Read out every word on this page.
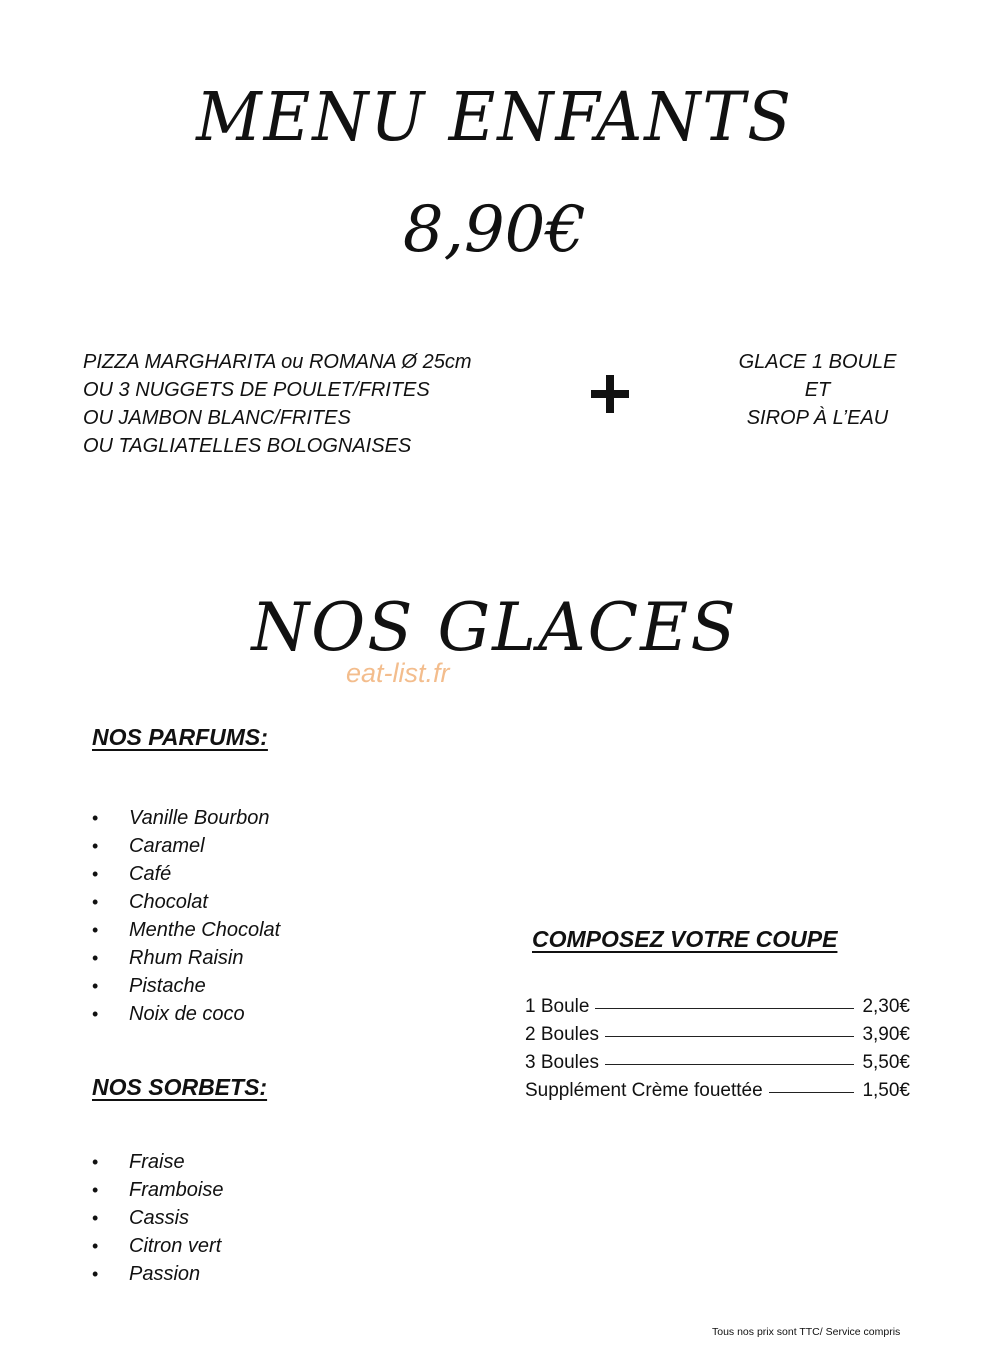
MENU ENFANTS
8,90€
PIZZA MARGHARITA ou ROMANA Ø 25cm
OU 3 NUGGETS DE POULET/FRITES
OU JAMBON BLANC/FRITES
OU TAGLIATELLES BOLOGNAISES
GLACE 1 BOULE
ET
SIROP À L’EAU
NOS GLACES
eat-list.fr
NOS PARFUMS:
• Vanille Bourbon
• Caramel
• Café
• Chocolat
• Menthe Chocolat
• Rhum Raisin
• Pistache
• Noix de coco
NOS SORBETS:
• Fraise
• Framboise
• Cassis
• Citron vert
• Passion
COMPOSEZ VOTRE COUPE
1 Boule	2,30€
2 Boules	3,90€
3 Boules	5,50€
Supplément Crème fouettée	1,50€
Tous nos prix sont TTC/ Service compris
